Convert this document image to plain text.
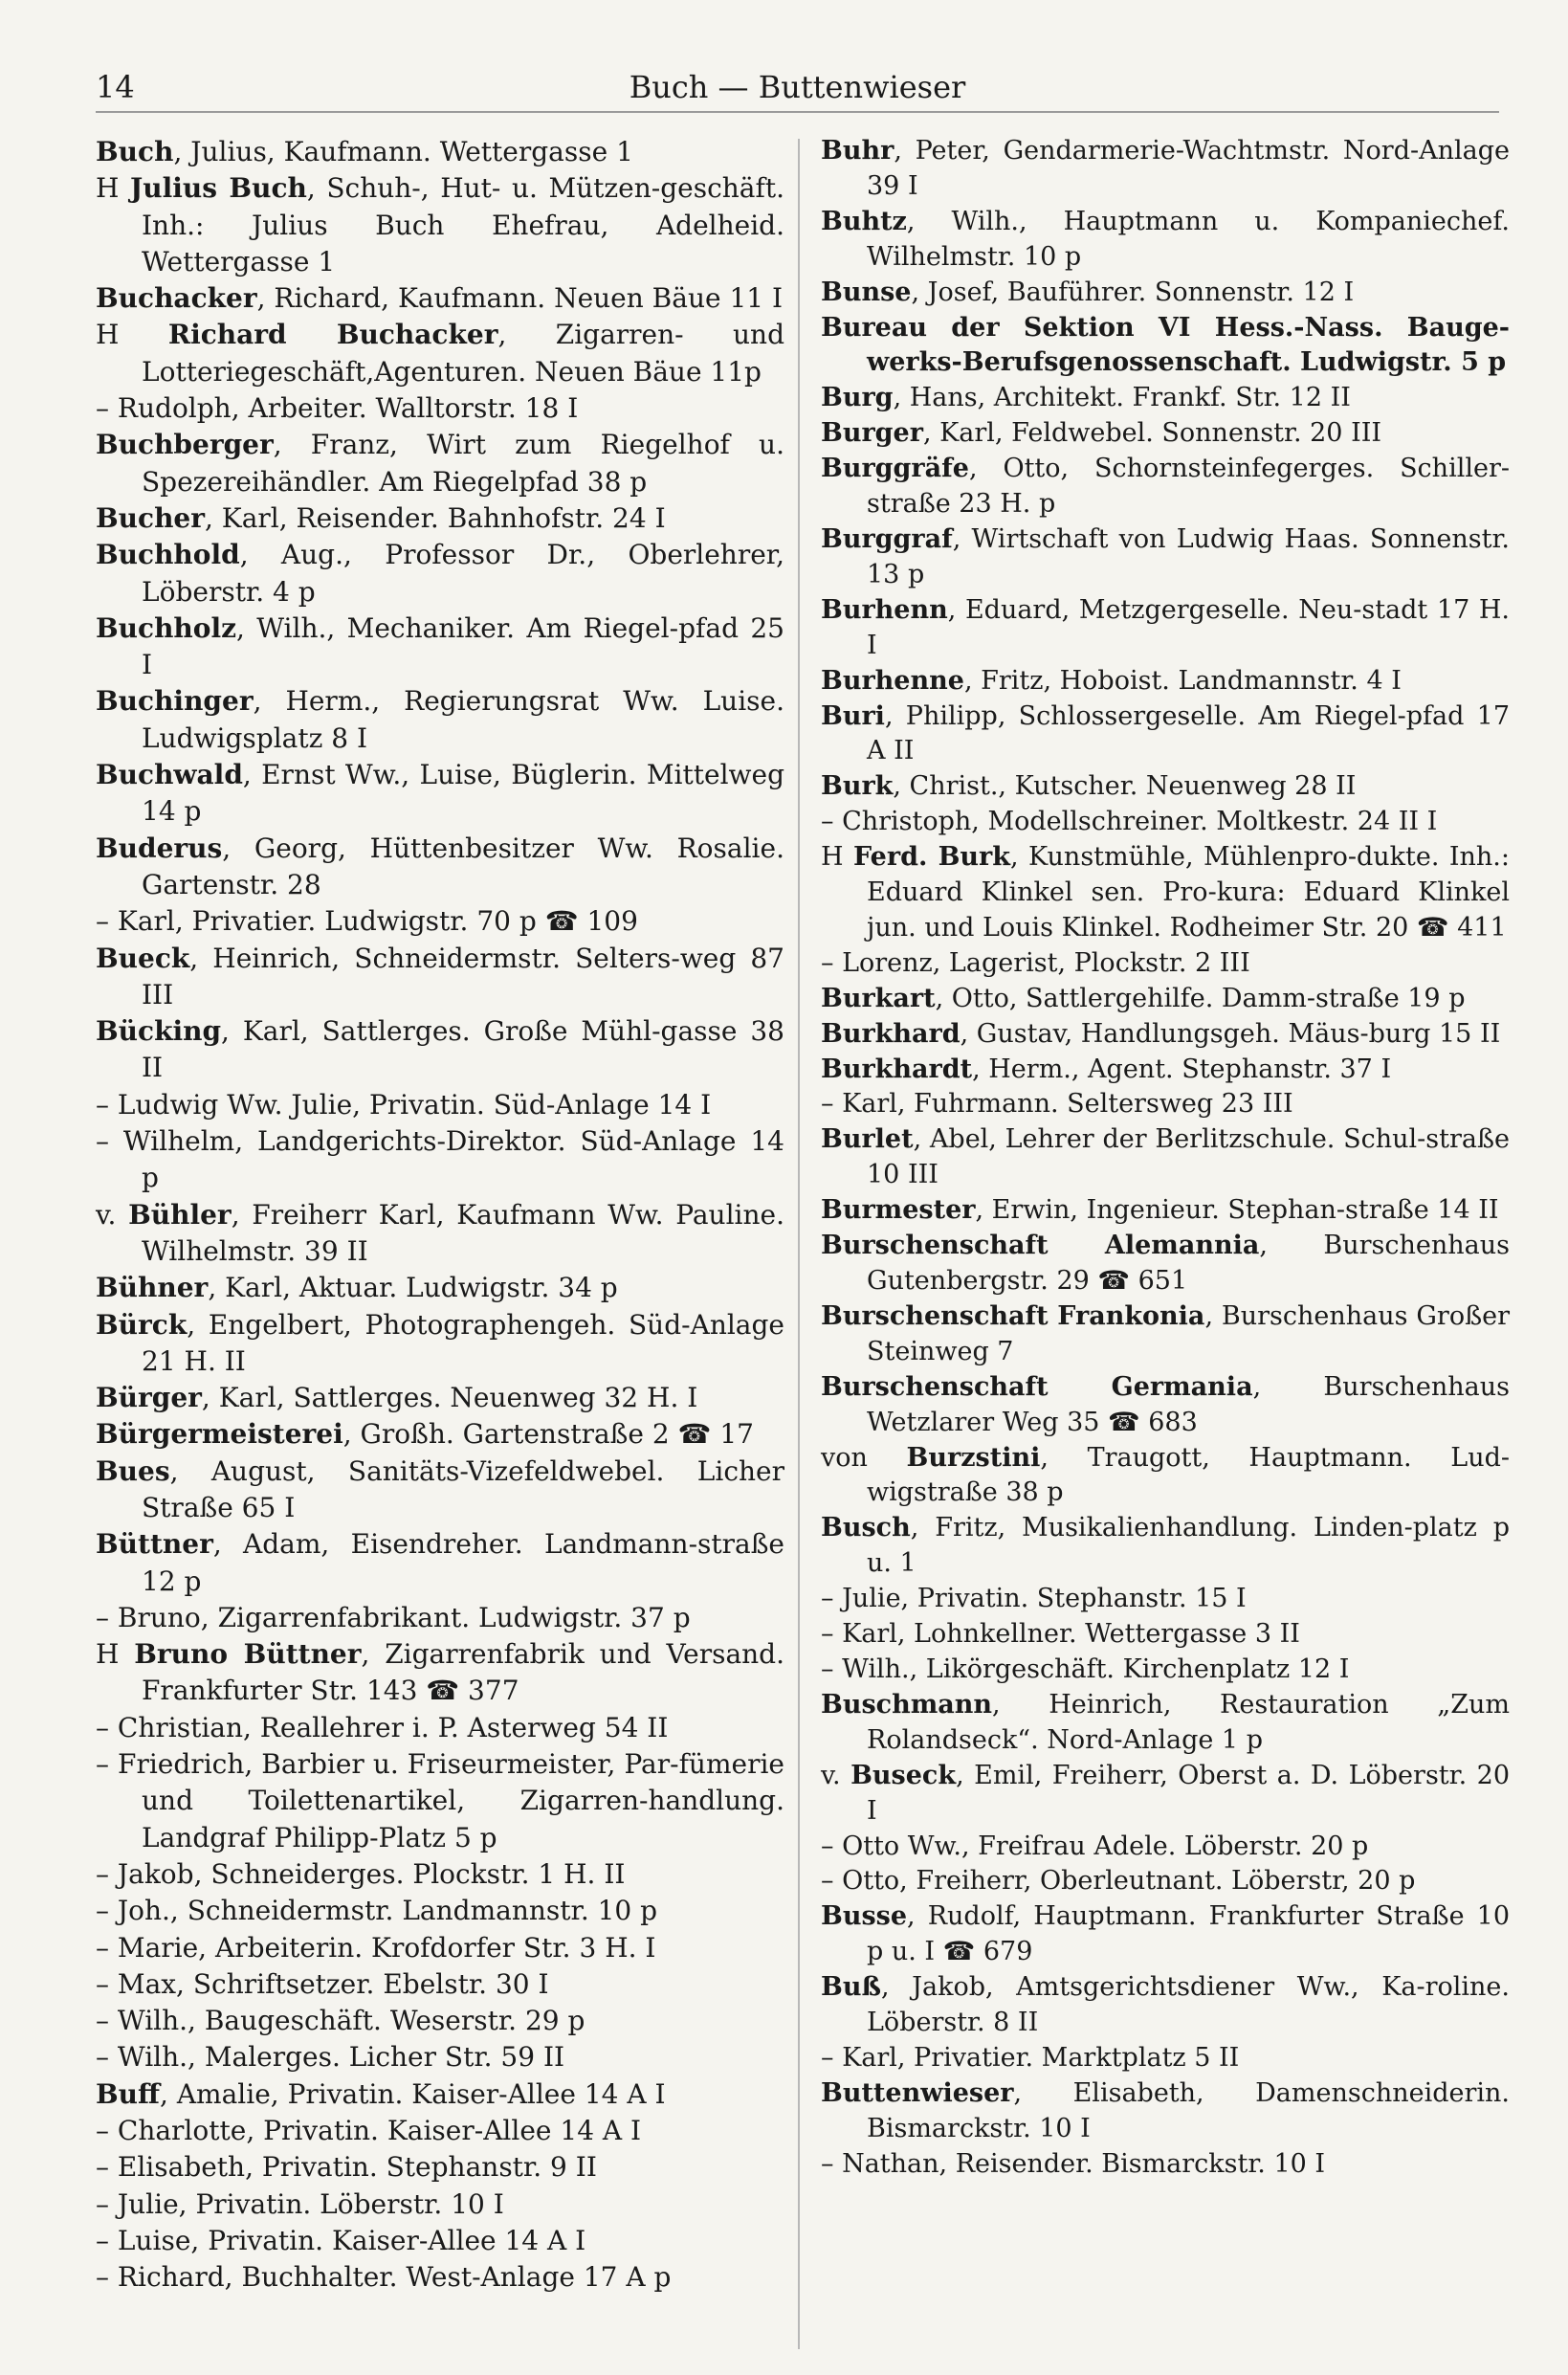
14	Buch — Buttenwieser
Buch, Julius, Kaufmann. Wettergasse 1
H Julius Buch, Schuh-, Hut- u. Mützen-geschäft. Inh.: Julius Buch Ehefrau, Adelheid. Wettergasse 1
Buchacker, Richard, Kaufmann. Neuen Bäue 11 I
H Richard Buchacker, Zigarren- und Lotteriegeschäft,Agenturen. Neuen Bäue 11p
– Rudolph, Arbeiter. Walltorstr. 18 I
Buchberger, Franz, Wirt zum Riegelhof u. Spezereihändler. Am Riegelpfad 38 p
Bucher, Karl, Reisender. Bahnhofstr. 24 I
Buchhold, Aug., Professor Dr., Oberlehrer, Löberstr. 4 p
Buchholz, Wilh., Mechaniker. Am Riegel-pfad 25 I
Buchinger, Herm., Regierungsrat Ww. Luise. Ludwigsplatz 8 I
Buchwald, Ernst Ww., Luise, Büglerin. Mittelweg 14 p
Buderus, Georg, Hüttenbesitzer Ww. Rosalie. Gartenstr. 28
– Karl, Privatier. Ludwigstr. 70 p ☎ 109
Bueck, Heinrich, Schneidermstr. Selters-weg 87 III
Bücking, Karl, Sattlerges. Große Mühl-gasse 38 II
– Ludwig Ww. Julie, Privatin. Süd-Anlage 14 I
– Wilhelm, Landgerichts-Direktor. Süd-Anlage 14 p
v. Bühler, Freiherr Karl, Kaufmann Ww. Pauline. Wilhelmstr. 39 II
Bühner, Karl, Aktuar. Ludwigstr. 34 p
Bürck, Engelbert, Photographengeh. Süd-Anlage 21 H. II
Bürger, Karl, Sattlerges. Neuenweg 32 H. I
Bürgermeisterei, Großh. Gartenstraße 2 ☎ 17
Bues, August, Sanitäts-Vizefeldwebel. Licher Straße 65 I
Büttner, Adam, Eisendreher. Landmann-straße 12 p
– Bruno, Zigarrenfabrikant. Ludwigstr. 37 p
H Bruno Büttner, Zigarrenfabrik und Versand. Frankfurter Str. 143 ☎ 377
– Christian, Reallehrer i. P. Asterweg 54 II
– Friedrich, Barbier u. Friseurmeister, Par-fümerie und Toilettenartikel, Zigarren-handlung. Landgraf Philipp-Platz 5 p
– Jakob, Schneiderges. Plockstr. 1 H. II
– Joh., Schneidermstr. Landmannstr. 10 p
– Marie, Arbeiterin. Krofdorfer Str. 3 H. I
– Max, Schriftsetzer. Ebelstr. 30 I
– Wilh., Baugeschäft. Weserstr. 29 p
– Wilh., Malerges. Licher Str. 59 II
Buff, Amalie, Privatin. Kaiser-Allee 14 A I
– Charlotte, Privatin. Kaiser-Allee 14 A I
– Elisabeth, Privatin. Stephanstr. 9 II
– Julie, Privatin. Löberstr. 10 I
– Luise, Privatin. Kaiser-Allee 14 A I
– Richard, Buchhalter. West-Anlage 17 A p
Buhr, Peter, Gendarmerie-Wachtmstr. Nord-Anlage 39 I
Buhtz, Wilh., Hauptmann u. Kompaniechef. Wilhelmstr. 10 p
Bunse, Josef, Bauführer. Sonnenstr. 12 I
Bureau der Sektion VI Hess.-Nass. Bauge-werks-Berufsgenossenschaft. Ludwigstr. 5 p
Burg, Hans, Architekt. Frankf. Str. 12 II
Burger, Karl, Feldwebel. Sonnenstr. 20 III
Burggräfe, Otto, Schornsteinfegerges. Schiller-straße 23 H. p
Burggraf, Wirtschaft von Ludwig Haas. Sonnenstr. 13 p
Burhenn, Eduard, Metzgergeselle. Neu-stadt 17 H. I
Burhenne, Fritz, Hoboist. Landmannstr. 4 I
Buri, Philipp, Schlossergeselle. Am Riegel-pfad 17 A II
Burk, Christ., Kutscher. Neuenweg 28 II
– Christoph, Modellschreiner. Moltkestr. 24 II I
H Ferd. Burk, Kunstmühle, Mühlenpro-dukte. Inh.: Eduard Klinkel sen. Pro-kura: Eduard Klinkel jun. und Louis Klinkel. Rodheimer Str. 20 ☎ 411
– Lorenz, Lagerist, Plockstr. 2 III
Burkart, Otto, Sattlergehilfe. Damm-straße 19 p
Burkhard, Gustav, Handlungsgeh. Mäus-burg 15 II
Burkhardt, Herm., Agent. Stephanstr. 37 I
– Karl, Fuhrmann. Seltersweg 23 III
Burlet, Abel, Lehrer der Berlitzschule. Schul-straße 10 III
Burmester, Erwin, Ingenieur. Stephan-straße 14 II
Burschenschaft Alemannia, Burschenhaus Gutenbergstr. 29 ☎ 651
Burschenschaft Frankonia, Burschenhaus Großer Steinweg 7
Burschenschaft Germania, Burschenhaus Wetzlarer Weg 35 ☎ 683
von Burzstini, Traugott, Hauptmann. Lud-wigstraße 38 p
Busch, Fritz, Musikalienhandlung. Linden-platz p u. 1
– Julie, Privatin. Stephanstr. 15 I
– Karl, Lohnkellner. Wettergasse 3 II
– Wilh., Likörgeschäft. Kirchenplatz 12 I
Buschmann, Heinrich, Restauration „Zum Rolandseck“. Nord-Anlage 1 p
v. Buseck, Emil, Freiherr, Oberst a. D. Löberstr. 20 I
– Otto Ww., Freifrau Adele. Löberstr. 20 p
– Otto, Freiherr, Oberleutnant. Löberstr, 20 p
Busse, Rudolf, Hauptmann. Frankfurter Straße 10 p u. I ☎ 679
Buß, Jakob, Amtsgerichtsdiener Ww., Ka-roline. Löberstr. 8 II
– Karl, Privatier. Marktplatz 5 II
Buttenwieser, Elisabeth, Damenschneiderin. Bismarckstr. 10 I
– Nathan, Reisender. Bismarckstr. 10 I
